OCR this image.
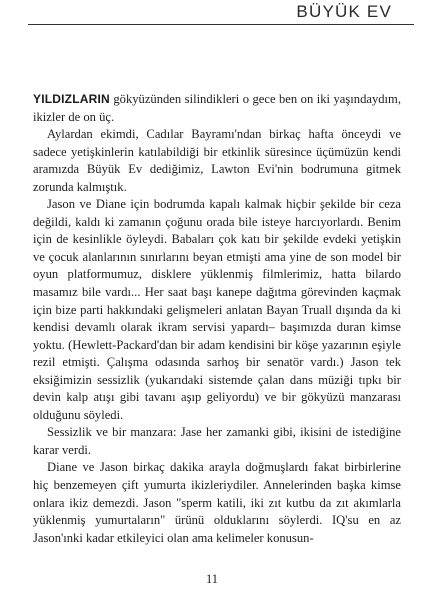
BÜYÜK EV

YILDIZLARIN gökyüzünden silindikleri o gece ben on iki yaşındaydım, ikizler de on üç.

Aylardan ekimdi, Cadılar Bayramı'ndan birkaç hafta önceydi ve sadece yetişkinlerin katılabildiği bir etkinlik süresince üçümüzün kendi aramızda Büyük Ev dediğimiz, Lawton Evi'nin bodrumuna gitmek zorunda kalmıştık.

Jason ve Diane için bodrumda kapalı kalmak hiçbir şekilde bir ceza değildi, kaldı ki zamanın çoğunu orada bile isteye harcıyorlardı. Benim için de kesinlikle öyleydi. Babaları çok katı bir şekilde evdeki yetişkin ve çocuk alanlarının sınırlarını beyan etmişti ama yine de son model bir oyun platformumuz, disklere yüklenmiş filmlerimiz, hatta bilardo masamız bile vardı... Her saat başı kanepe dağıtma görevinden kaçmak için bize parti hakkındaki gelişmeleri anlatan Bayan Truall dışında da ki kendisi devamlı olarak ikram servisi yapardı– başımızda duran kimse yoktu. (Hewlett-Packard'dan bir adam kendisini bir köşe yazarının eşiyle rezil etmişti. Çalışma odasında sarhoş bir senatör vardı.) Jason tek eksiğimizin sessizlik (yukarıdaki sistemde çalan dans müziği tıpkı bir devin kalp atışı gibi tavanı aşıp geliyordu) ve bir gökyüzü manzarası olduğunu söyledi.

Sessizlik ve bir manzara: Jase her zamanki gibi, ikisini de istediğine karar verdi.

Diane ve Jason birkaç dakika arayla doğmuşlardı fakat birbirlerine hiç benzemeyen çift yumurta ikizleriydiler. Annelerinden başka kimse onlara ikiz demezdi. Jason "sperm katili, iki zıt kutbu da zıt akımlarla yüklenmiş yumurtaların" ürünü olduklarını söylerdi. IQ'su en az Jason'ınki kadar etkileyici olan ama kelimeler konusun-

11
